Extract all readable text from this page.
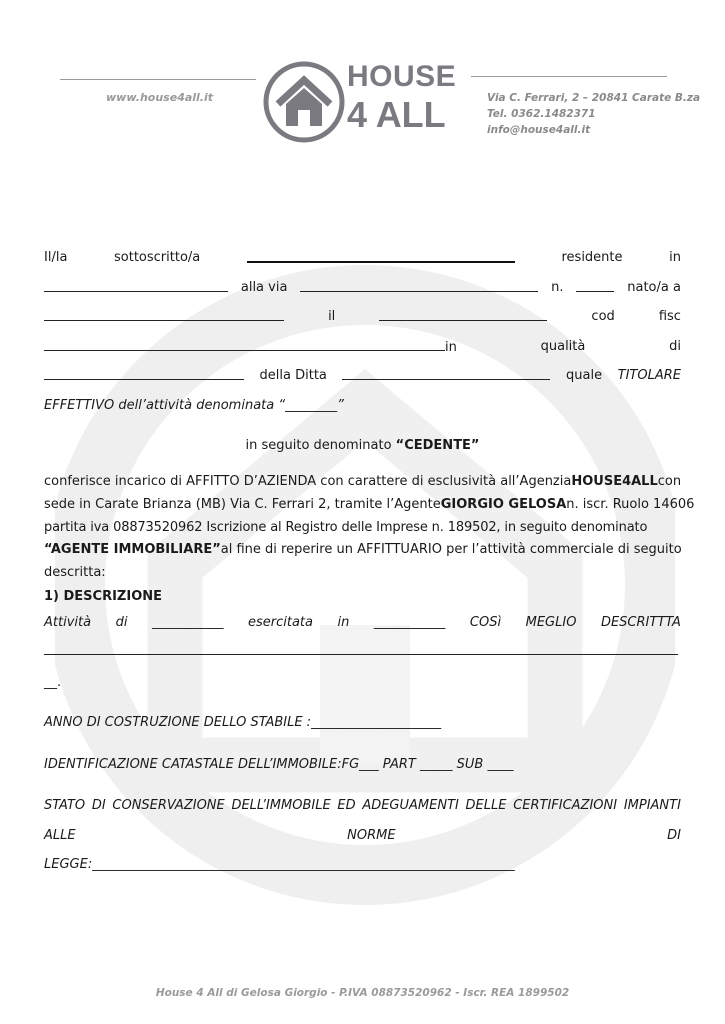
www.house4all.it
HOUSE
4 ALL	Via C. Ferrari, 2 – 20841 Carate B.za
Tel. 0362.1482371
info@house4all.it
Il/la	sottoscritto/a	residente	in
alla via	n.	nato/a a
il	cod	fisc
in	qualità	di
della Ditta	quale TITOLARE
EFFETTIVO dell’attività denominata “________”
in seguito denominato “CEDENTE”
conferisce incarico di AFFITTO D’AZIENDA con carattere di esclusività all’Agenzia HOUSE4ALL con
sede in Carate Brianza (MB) Via C. Ferrari 2, tramite l’Agente GIORGIO GELOSA n. iscr. Ruolo 14606
partita iva 08873520962 Iscrizione al Registro delle Imprese n. 189502, in seguito denominato
“AGENTE IMMOBILIARE” al fine di reperire un AFFITTUARIO per l’attività commerciale di seguito
descritta:
1) DESCRIZIONE
Attività di ___________ esercitata in ___________ COSì MEGLIO DESCRITTTA
__.
ANNO DI COSTRUZIONE DELLO STABILE :____________________
IDENTIFICAZIONE CATASTALE DELL’IMMOBILE:FG___ PART _____ SUB ____
STATO DI CONSERVAZIONE DELL’IMMOBILE ED ADEGUAMENTI DELLE CERTIFICAZIONI IMPIANTI
ALLE	NORME	DI
LEGGE:_________________________________________________________________
House 4 All di Gelosa Giorgio - P.IVA 08873520962 - Iscr. REA 1899502
